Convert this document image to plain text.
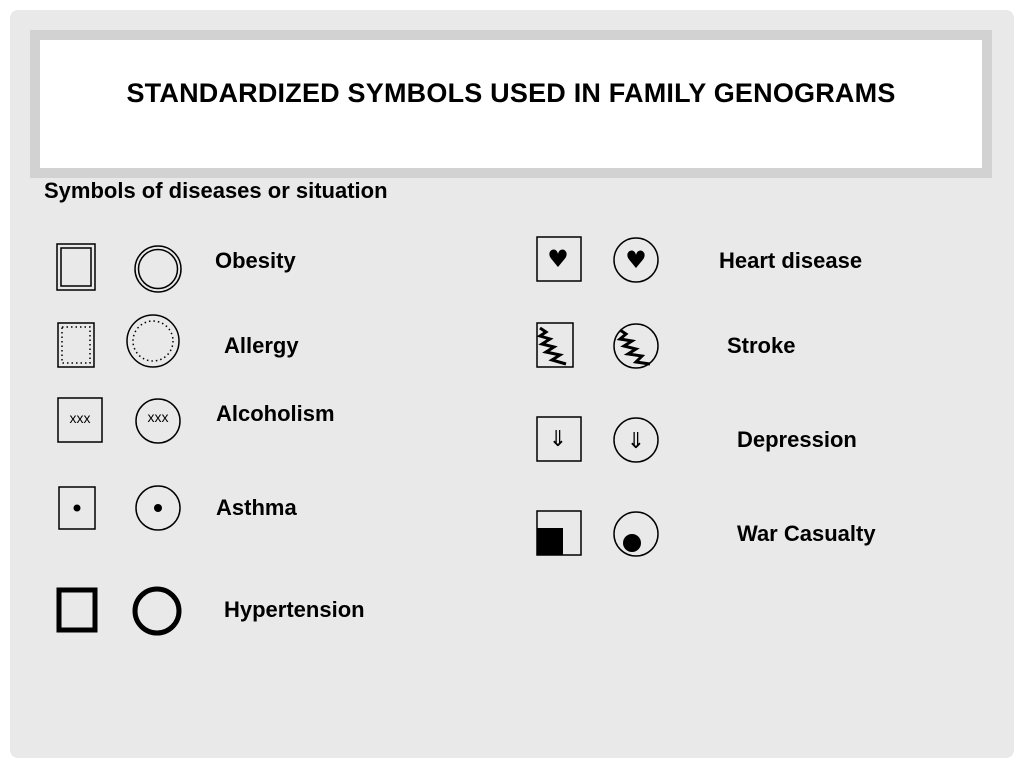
STANDARDIZED SYMBOLS USED IN FAMILY GENOGRAMS
Symbols of diseases or situation
Obesity
Allergy
xxx	xxx Alcoholism
Asthma
Hypertension
♥ ♥	Heart disease
Stroke
⇓	⇓	Depression
War Casualty
